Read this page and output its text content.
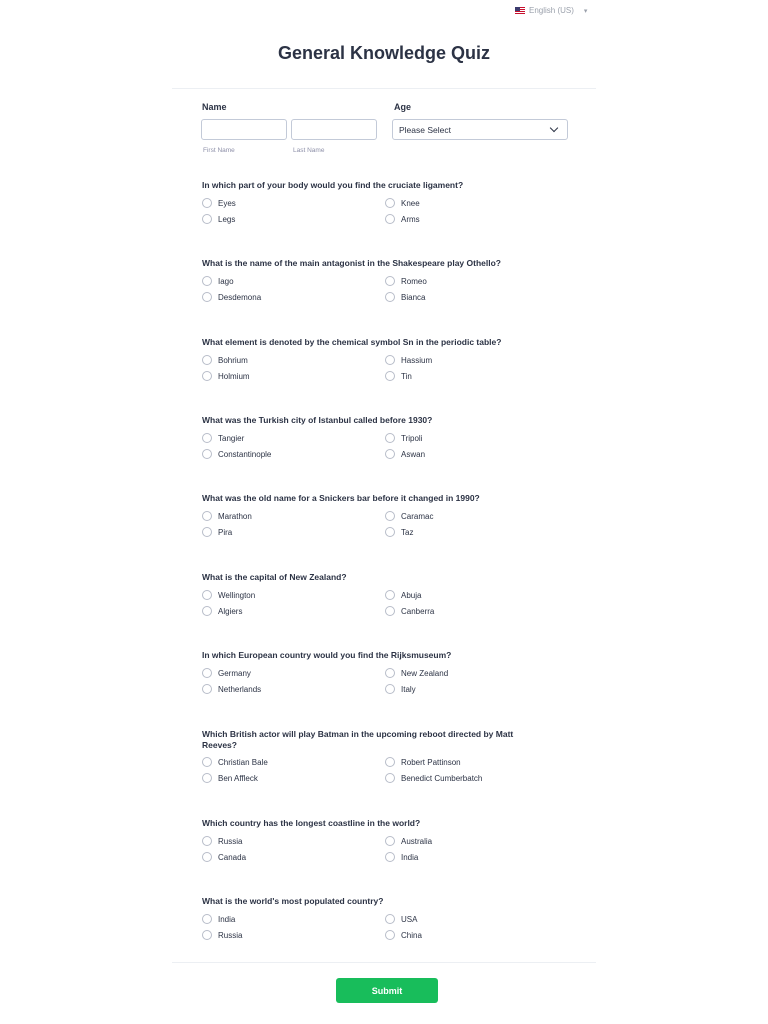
English (US) ▾
General Knowledge Quiz
Name
First Name	Last Name
Age
Please Select
In which part of your body would you find the cruciate ligament?
Eyes	Knee
Legs	Arms
What is the name of the main antagonist in the Shakespeare play Othello?
Iago	Romeo
Desdemona	Bianca
What element is denoted by the chemical symbol Sn in the periodic table?
Bohrium	Hassium
Holmium	Tin
What was the Turkish city of Istanbul called before 1930?
Tangier	Tripoli
Constantinople	Aswan
What was the old name for a Snickers bar before it changed in 1990?
Marathon	Caramac
Pira	Taz
What is the capital of New Zealand?
Wellington	Abuja
Algiers	Canberra
In which European country would you find the Rijksmuseum?
Germany	New Zealand
Netherlands	Italy
Which British actor will play Batman in the upcoming reboot directed by Matt Reeves?
Christian Bale	Robert Pattinson
Ben Affleck	Benedict Cumberbatch
Which country has the longest coastline in the world?
Russia	Australia
Canada	India
What is the world's most populated country?
India	USA
Russia	China
Submit
